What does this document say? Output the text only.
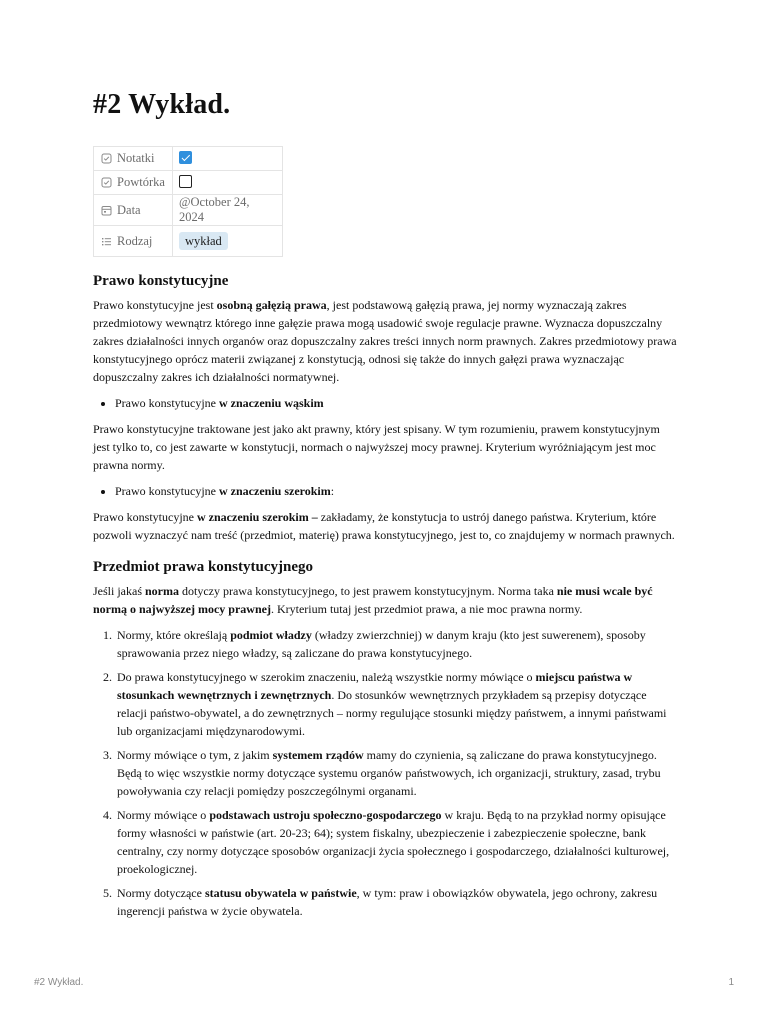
#2 Wykład.
Notatki	
Powtórka	
Data	@October 24, 2024
Rodzaj	wykład
Prawo konstytucyjne

Prawo konstytucyjne jest osobną gałęzią prawa, jest podstawową gałęzią prawa, jej normy wyznaczają zakres przedmiotowy wewnątrz którego inne gałęzie prawa mogą usadowić swoje regulacje prawne. Wyznacza dopuszczalny zakres działalności innych organów oraz dopuszczalny zakres treści innych norm prawnych. Zakres przedmiotowy prawa konstytucyjnego oprócz materii związanej z konstytucją, odnosi się także do innych gałęzi prawa wyznaczając dopuszczalny zakres ich działalności normatywnej.

• Prawo konstytucyjne w znaczeniu wąskim

Prawo konstytucyjne traktowane jest jako akt prawny, który jest spisany. W tym rozumieniu, prawem konstytucyjnym jest tylko to, co jest zawarte w konstytucji, normach o najwyższej mocy prawnej. Kryterium wyróżniającym jest moc prawna normy.

• Prawo konstytucyjne w znaczeniu szerokim:

Prawo konstytucyjne w znaczeniu szerokim – zakładamy, że konstytucja to ustrój danego państwa. Kryterium, które pozwoli wyznaczyć nam treść (przedmiot, materię) prawa konstytucyjnego, jest to, co znajdujemy w normach prawnych.

Przedmiot prawa konstytucyjnego

Jeśli jakaś norma dotyczy prawa konstytucyjnego, to jest prawem konstytucyjnym. Norma taka nie musi wcale być normą o najwyższej mocy prawnej. Kryterium tutaj jest przedmiot prawa, a nie moc prawna normy.

1. Normy, które określają podmiot władzy (władzy zwierzchniej) w danym kraju (kto jest suwerenem), sposoby sprawowania przez niego władzy, są zaliczane do prawa konstytucyjnego.
2. Do prawa konstytucyjnego w szerokim znaczeniu, należą wszystkie normy mówiące o miejscu państwa w stosunkach wewnętrznych i zewnętrznych. Do stosunków wewnętrznych przykładem są przepisy dotyczące relacji państwo-obywatel, a do zewnętrznych – normy regulujące stosunki między państwem, a innymi państwami lub organizacjami międzynarodowymi.
3. Normy mówiące o tym, z jakim systemem rządów mamy do czynienia, są zaliczane do prawa konstytucyjnego. Będą to więc wszystkie normy dotyczące systemu organów państwowych, ich organizacji, struktury, zasad, trybu powoływania czy relacji pomiędzy poszczególnymi organami.
4. Normy mówiące o podstawach ustroju społeczno-gospodarczego w kraju. Będą to na przykład normy opisujące formy własności w państwie (art. 20-23; 64); system fiskalny, ubezpieczenie i zabezpieczenie społeczne, bank centralny, czy normy dotyczące sposobów organizacji życia społecznego i gospodarczego, działalności kulturowej, proekologicznej.
5. Normy dotyczące statusu obywatela w państwie, w tym: praw i obowiązków obywatela, jego ochrony, zakresu ingerencji państwa w życie obywatela.
#2 Wykład.	1
